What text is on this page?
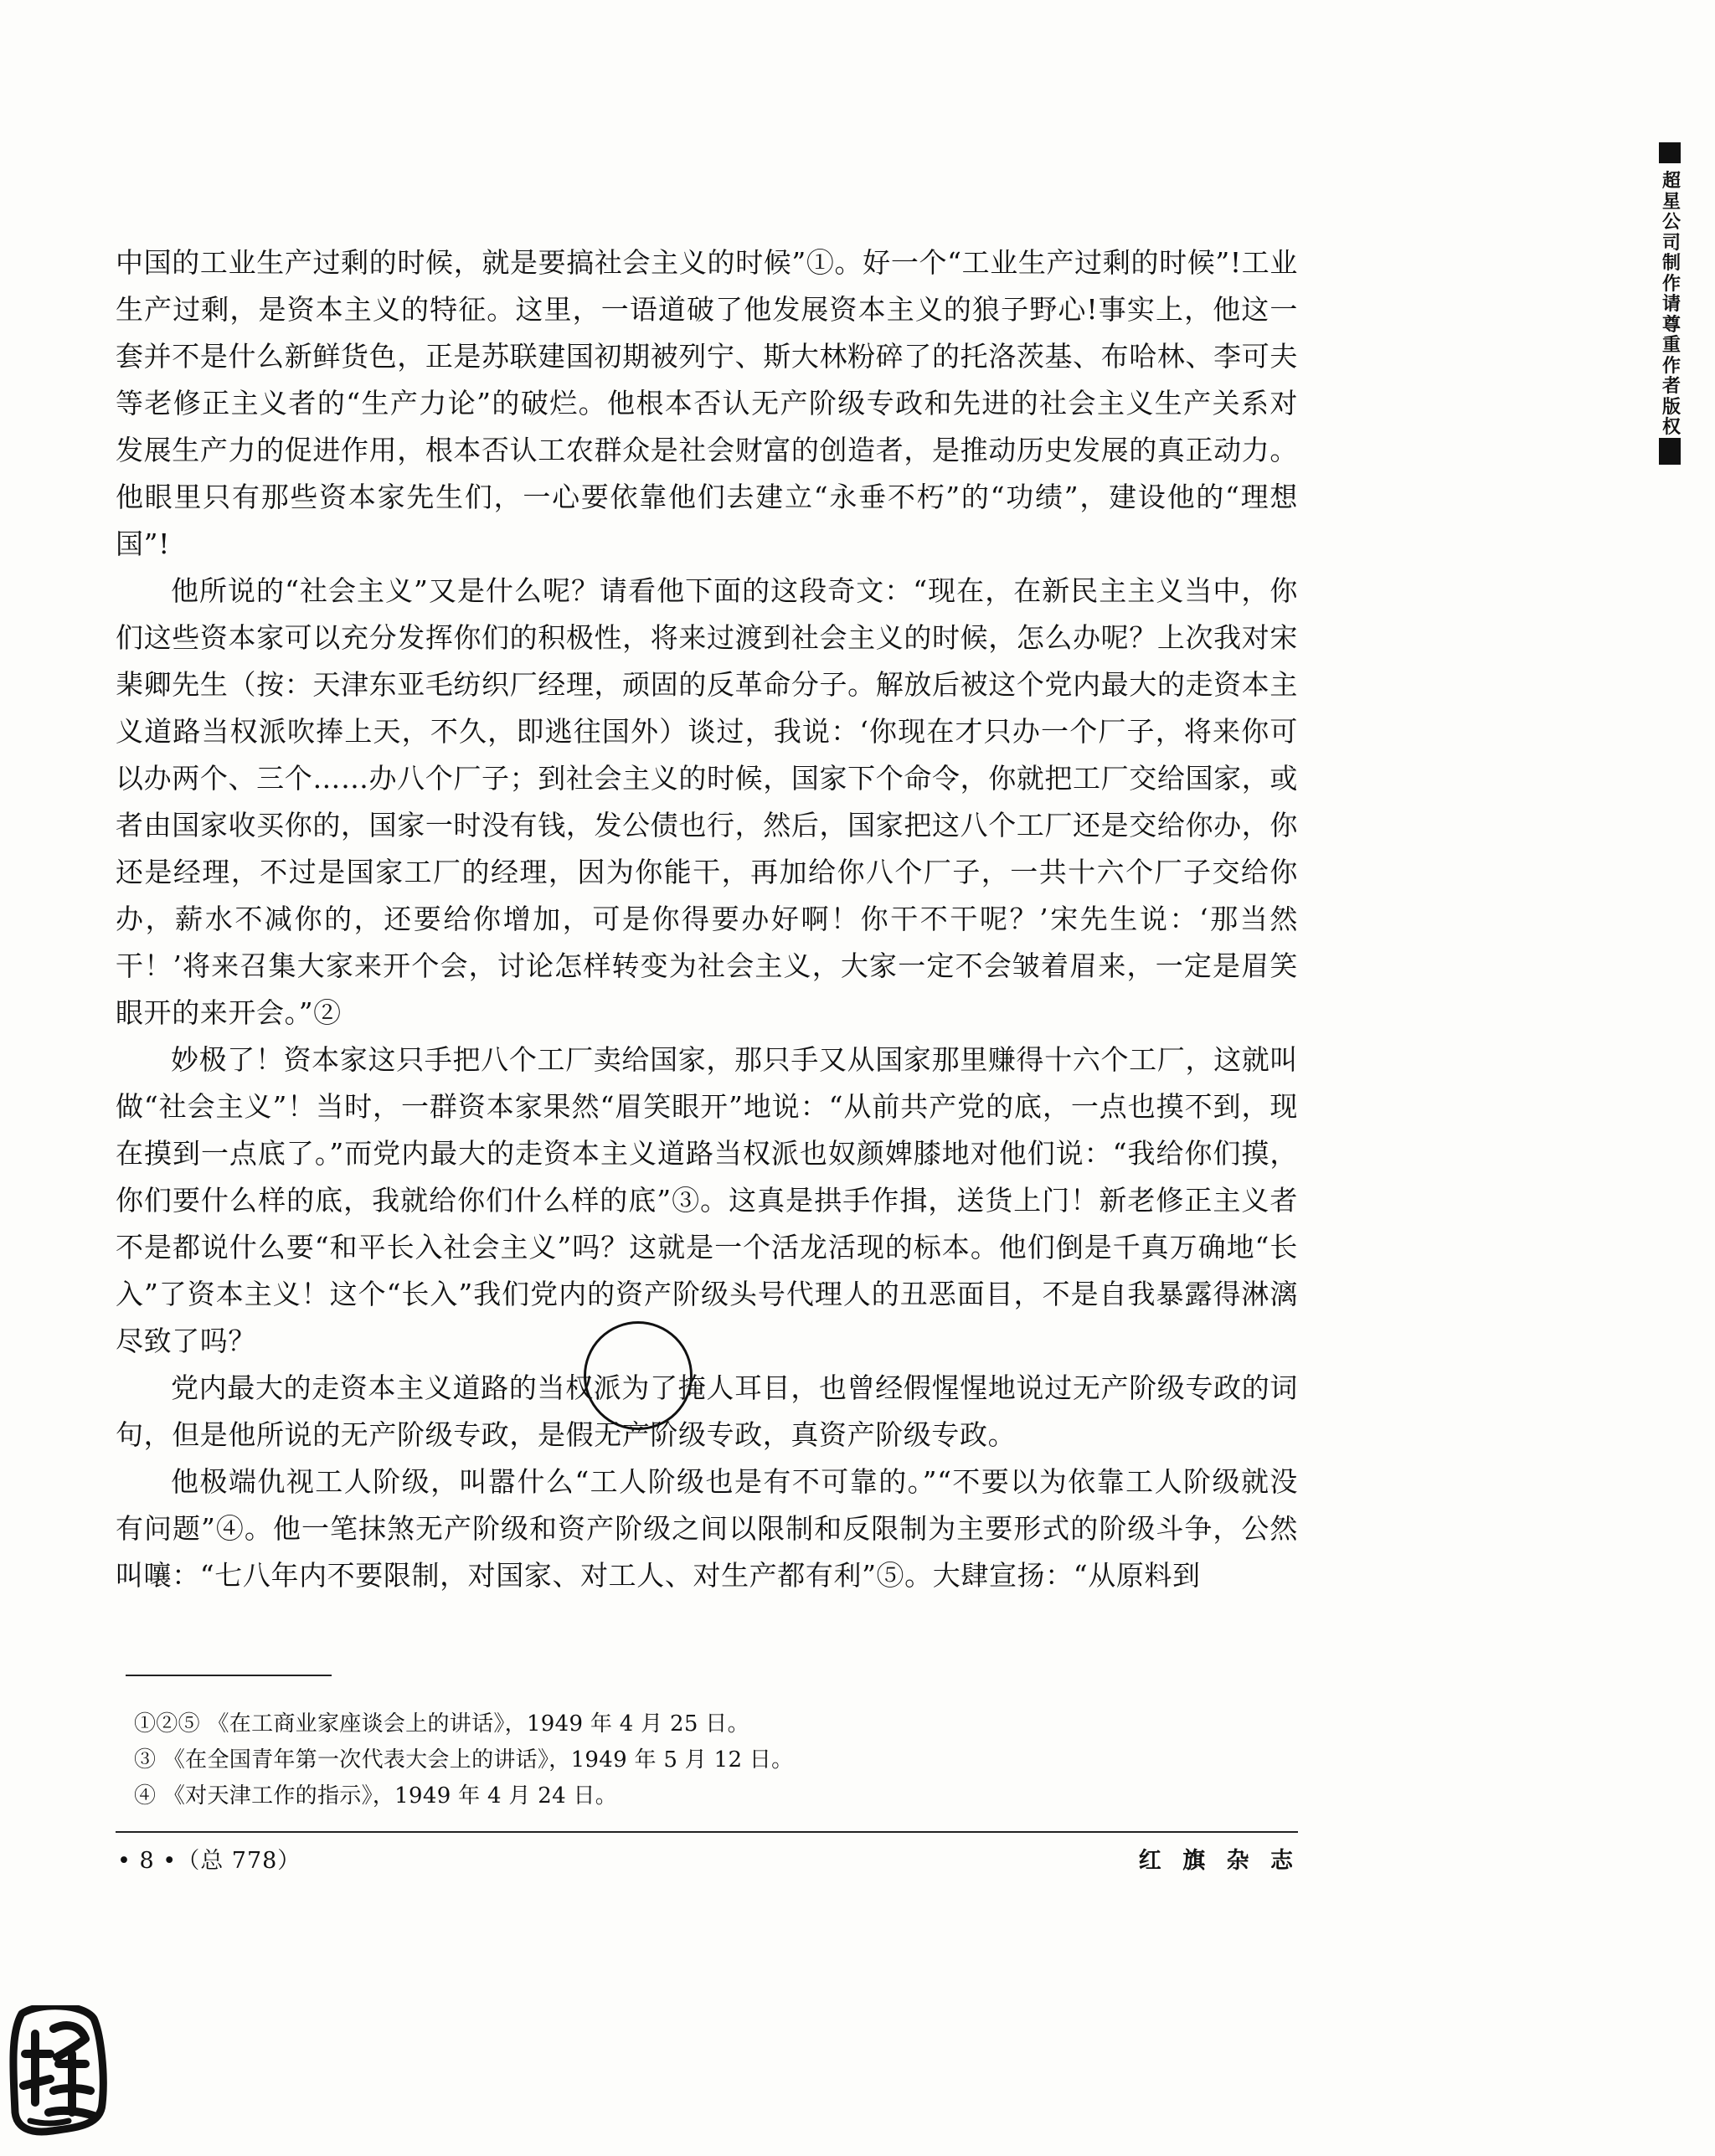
超星公司制作请尊重作者版权

中国的工业生产过剩的时候，就是要搞社会主义的时候”①。好一个“工业生产过剩的时候”!工业生产过剩，是资本主义的特征。这里，一语道破了他发展资本主义的狼子野心!事实上，他这一套并不是什么新鲜货色，正是苏联建国初期被列宁、斯大林粉碎了的托洛茨基、布哈林、李可夫等老修正主义者的“生产力论”的破烂。他根本否认无产阶级专政和先进的社会主义生产关系对发展生产力的促进作用，根本否认工农群众是社会财富的创造者，是推动历史发展的真正动力。他眼里只有那些资本家先生们，一心要依靠他们去建立“永垂不朽”的“功绩”，建设他的“理想国”!

他所说的“社会主义”又是什么呢？请看他下面的这段奇文：“现在，在新民主主义当中，你们这些资本家可以充分发挥你们的积极性，将来过渡到社会主义的时候，怎么办呢？上次我对宋棐卿先生（按：天津东亚毛纺织厂经理，顽固的反革命分子。解放后被这个党内最大的走资本主义道路当权派吹捧上天，不久，即逃往国外）谈过，我说：‘你现在才只办一个厂子，将来你可以办两个、三个……办八个厂子；到社会主义的时候，国家下个命令，你就把工厂交给国家，或者由国家收买你的，国家一时没有钱，发公债也行，然后，国家把这八个工厂还是交给你办，你还是经理，不过是国家工厂的经理，因为你能干，再加给你八个厂子，一共十六个厂子交给你办，薪水不减你的，还要给你增加，可是你得要办好啊！你干不干呢？’宋先生说：‘那当然干！’将来召集大家来开个会，讨论怎样转变为社会主义，大家一定不会皱着眉来，一定是眉笑眼开的来开会。”②

妙极了！资本家这只手把八个工厂卖给国家，那只手又从国家那里赚得十六个工厂，这就叫做“社会主义”！当时，一群资本家果然“眉笑眼开”地说：“从前共产党的底，一点也摸不到，现在摸到一点底了。”而党内最大的走资本主义道路当权派也奴颜婢膝地对他们说：“我给你们摸，你们要什么样的底，我就给你们什么样的底”③。这真是拱手作揖，送货上门！新老修正主义者不是都说什么要“和平长入社会主义”吗？这就是一个活龙活现的标本。他们倒是千真万确地“长入”了资本主义！这个“长入”我们党内的资产阶级头号代理人的丑恶面目，不是自我暴露得淋漓尽致了吗？

党内最大的走资本主义道路的当权派为了掩人耳目，也曾经假惺惺地说过无产阶级专政的词句，但是他所说的无产阶级专政，是假无产阶级专政，真资产阶级专政。

他极端仇视工人阶级，叫嚣什么“工人阶级也是有不可靠的。”“不要以为依靠工人阶级就没有问题”④。他一笔抹煞无产阶级和资产阶级之间以限制和反限制为主要形式的阶级斗争，公然叫嚷：“七八年内不要限制，对国家、对工人、对生产都有利”⑤。大肆宣扬：“从原料到

①②⑤ 《在工商业家座谈会上的讲话》，1949 年 4 月 25 日。

③ 《在全国青年第一次代表大会上的讲话》，1949 年 5 月 12 日。

④ 《对天津工作的指示》，1949 年 4 月 24 日。

• 8 •（总 778）	红 旗 杂 志
